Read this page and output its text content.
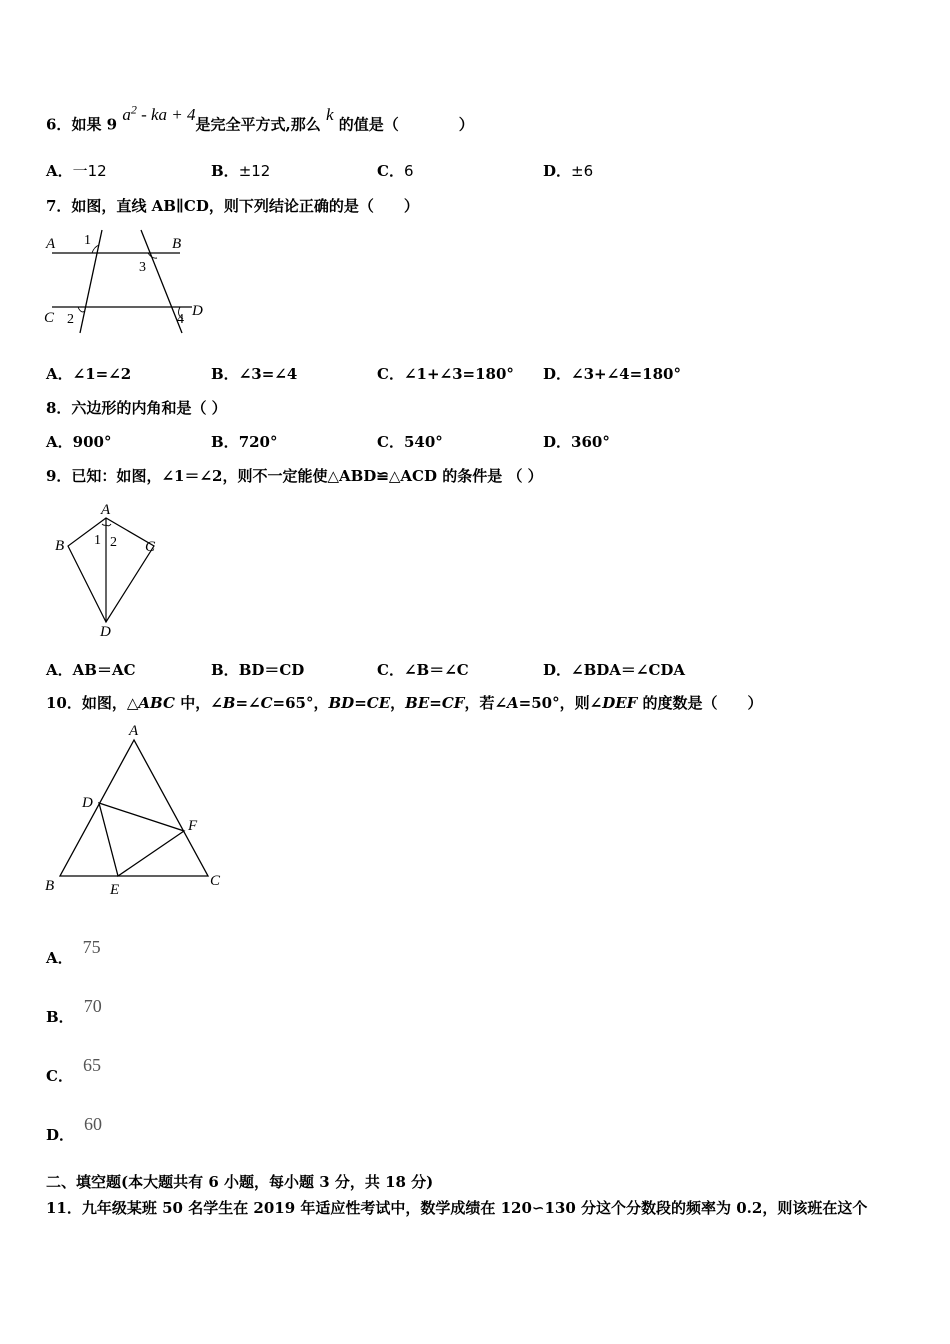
6．如果 9 $a^2$ - ka + 4是完全平方式,那么 k 的值是（　　　　）
A．一12	B．±12	C．6	D．±6
7．如图，直线 AB∥CD，则下列结论正确的是（　　）
A	B
C	D
1
3
2	4
A．∠1=∠2	B．∠3=∠4	C．∠1+∠3=180° D．∠3+∠4=180°
8．六边形的内角和是（ ）
A．900°	B．720°	C．540°	D．360°
9．已知：如图，∠1＝∠2，则不一定能使△ABD≌△ACD 的条件是 （ ）
A
B	C
D
1 2
A．AB＝AC	B．BD＝CD	C．∠B＝∠C	D．∠BDA＝∠CDA
10．如图，△ABC 中，∠B=∠C=65°，BD=CE，BE=CF，若∠A=50°，则∠DEF 的度数是（　　）
A
B	C
D
E
F
A．75
B．70
C．65
D．60
二、填空题(本大题共有 6 小题，每小题 3 分，共 18 分)
11．九年级某班 50 名学生在 2019 年适应性考试中，数学成绩在 120∽130 分这个分数段的频率为 0.2，则该班在这个
